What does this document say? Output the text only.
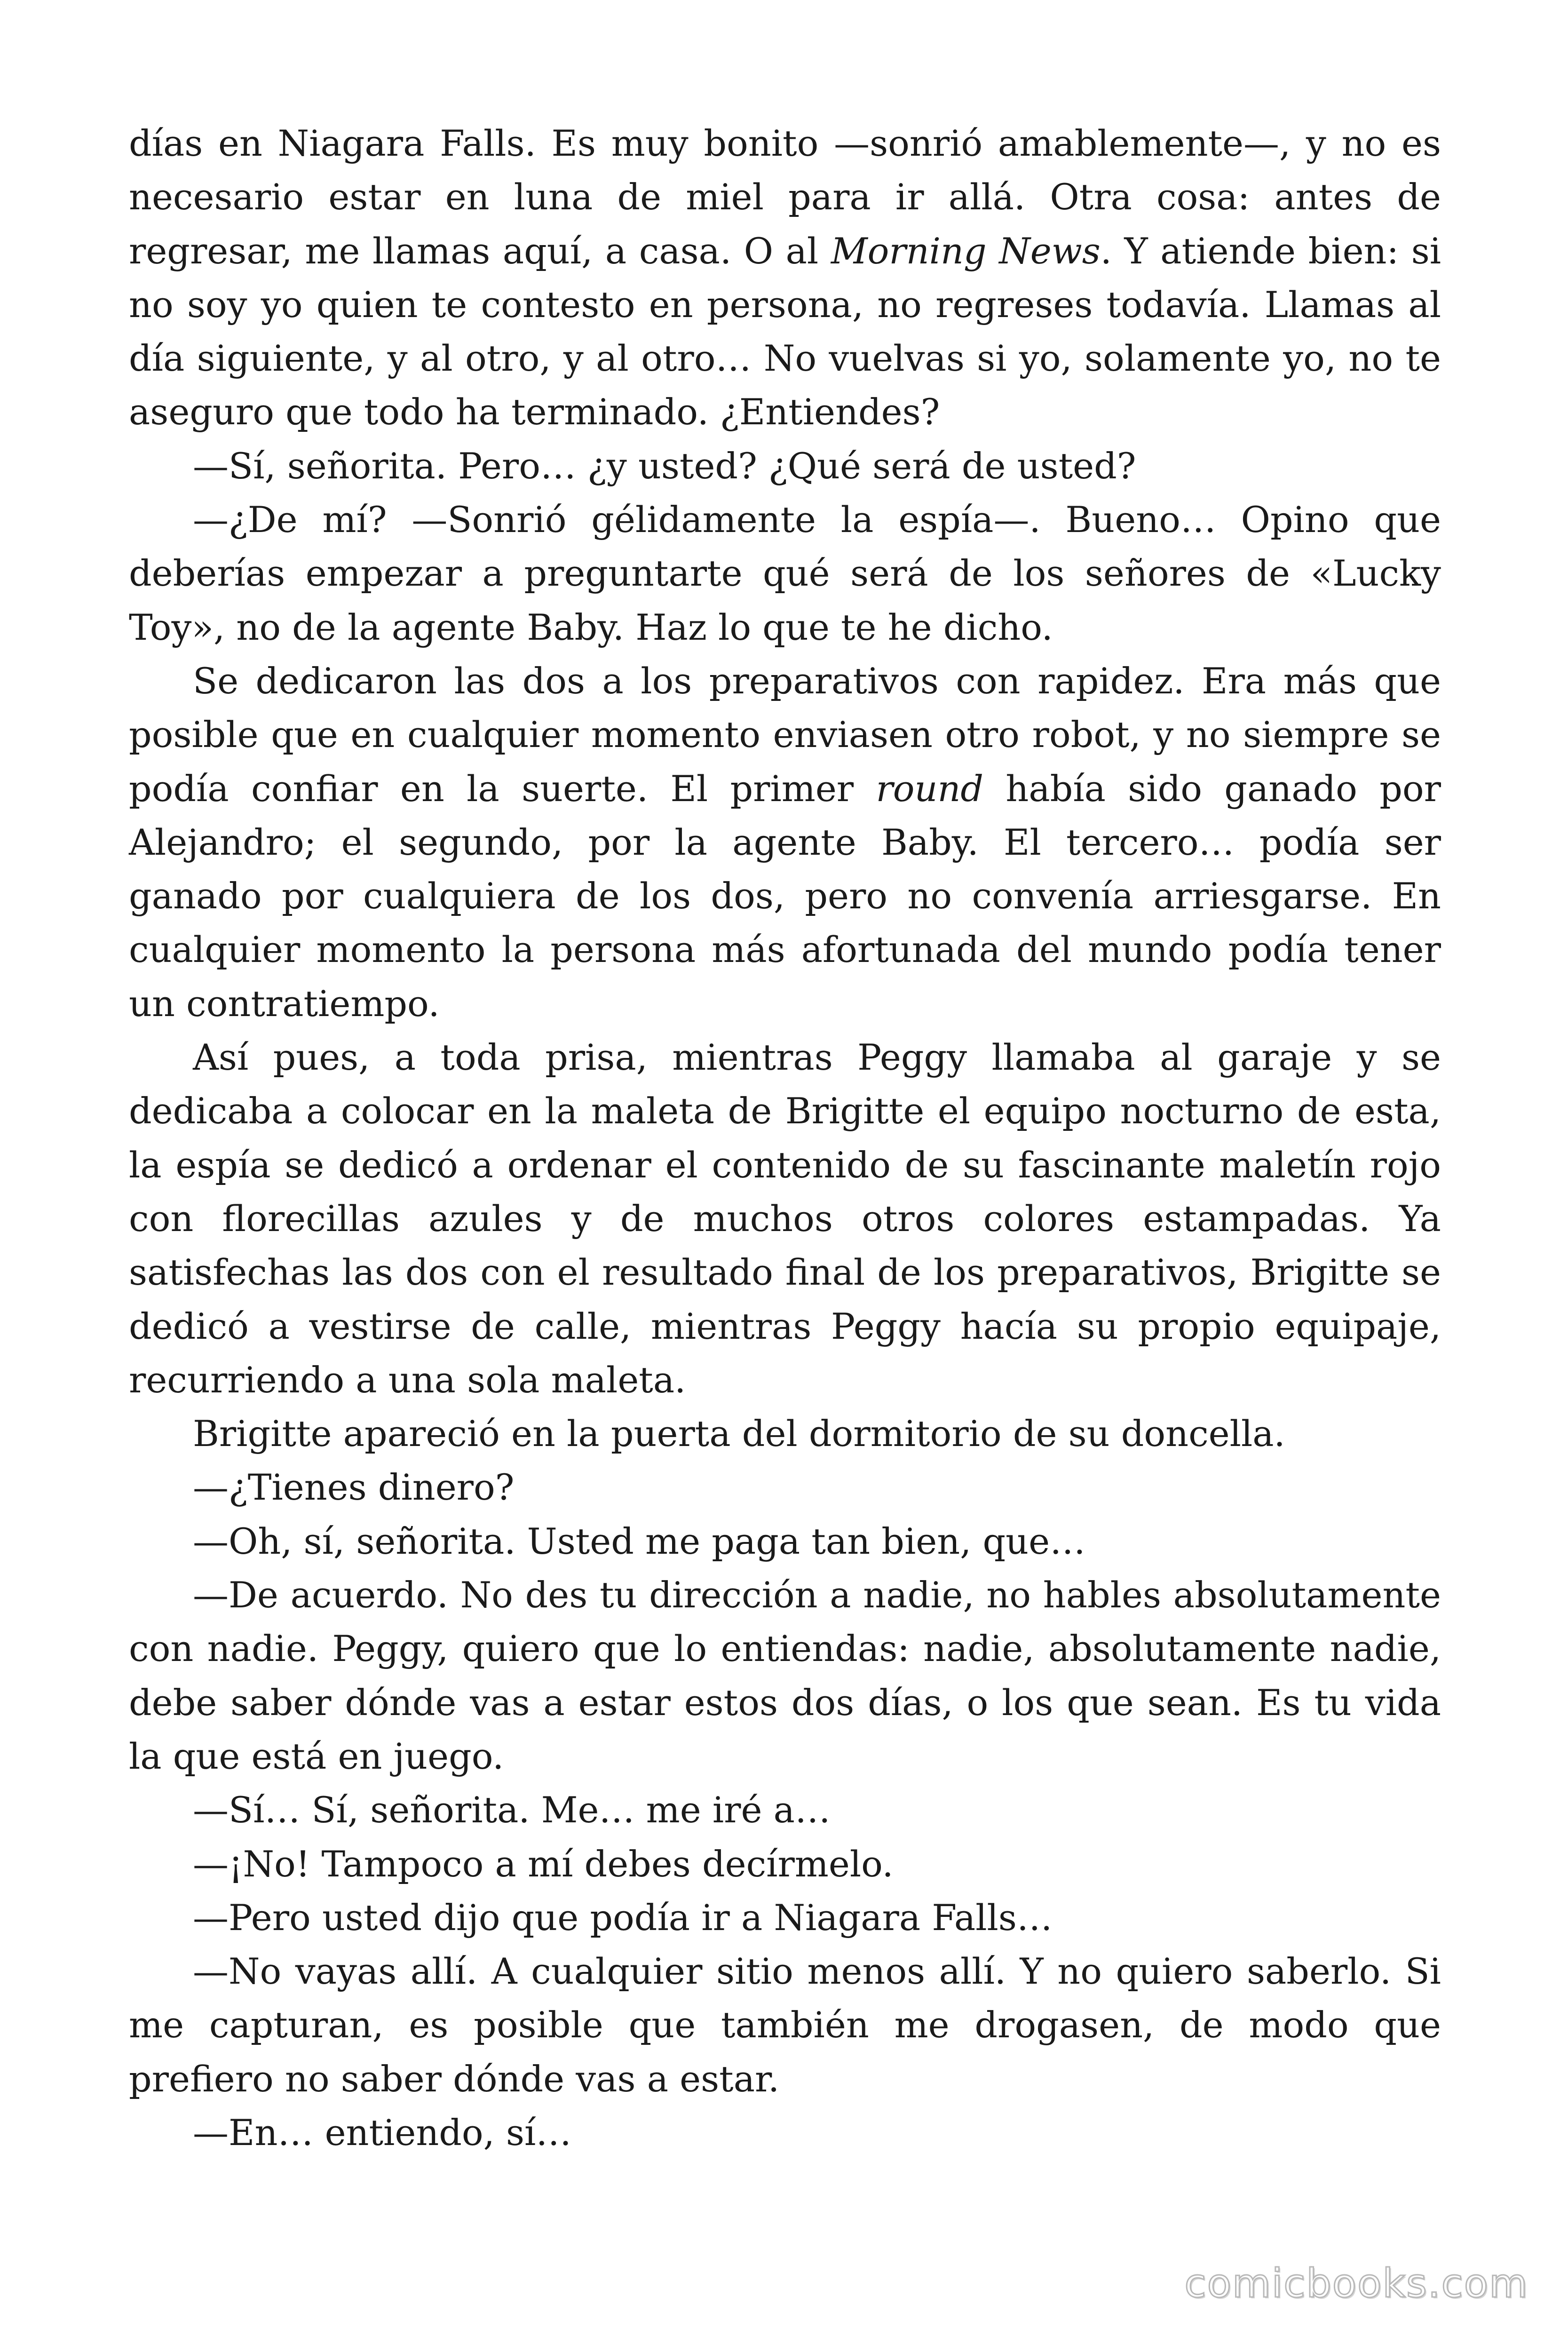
días en Niagara Falls. Es muy bonito —sonrió amablemente—, y no es necesario estar en luna de miel para ir allá. Otra cosa: antes de regresar, me llamas aquí, a casa. O al Morning News. Y atiende bien: si no soy yo quien te contesto en persona, no regreses todavía. Llamas al día siguiente, y al otro, y al otro… No vuelvas si yo, solamente yo, no te aseguro que todo ha terminado. ¿Entiendes?

—Sí, señorita. Pero… ¿y usted? ¿Qué será de usted?

—¿De mí? —Sonrió gélidamente la espía—. Bueno… Opino que deberías empezar a preguntarte qué será de los señores de «Lucky Toy», no de la agente Baby. Haz lo que te he dicho.

Se dedicaron las dos a los preparativos con rapidez. Era más que posible que en cualquier momento enviasen otro robot, y no siempre se podía confiar en la suerte. El primer round había sido ganado por Alejandro; el segundo, por la agente Baby. El tercero… podía ser ganado por cualquiera de los dos, pero no convenía arriesgarse. En cualquier momento la persona más afortunada del mundo podía tener un contratiempo.

Así pues, a toda prisa, mientras Peggy llamaba al garaje y se dedicaba a colocar en la maleta de Brigitte el equipo nocturno de esta, la espía se dedicó a ordenar el contenido de su fascinante maletín rojo con florecillas azules y de muchos otros colores estampadas. Ya satisfechas las dos con el resultado final de los preparativos, Brigitte se dedicó a vestirse de calle, mientras Peggy hacía su propio equipaje, recurriendo a una sola maleta.

Brigitte apareció en la puerta del dormitorio de su doncella.

—¿Tienes dinero?

—Oh, sí, señorita. Usted me paga tan bien, que…

—De acuerdo. No des tu dirección a nadie, no hables absolutamente con nadie. Peggy, quiero que lo entiendas: nadie, absolutamente nadie, debe saber dónde vas a estar estos dos días, o los que sean. Es tu vida la que está en juego.

—Sí… Sí, señorita. Me… me iré a…

—¡No! Tampoco a mí debes decírmelo.

—Pero usted dijo que podía ir a Niagara Falls…

—No vayas allí. A cualquier sitio menos allí. Y no quiero saberlo. Si me capturan, es posible que también me drogasen, de modo que prefiero no saber dónde vas a estar.

—En… entiendo, sí…

comicbooks.com
